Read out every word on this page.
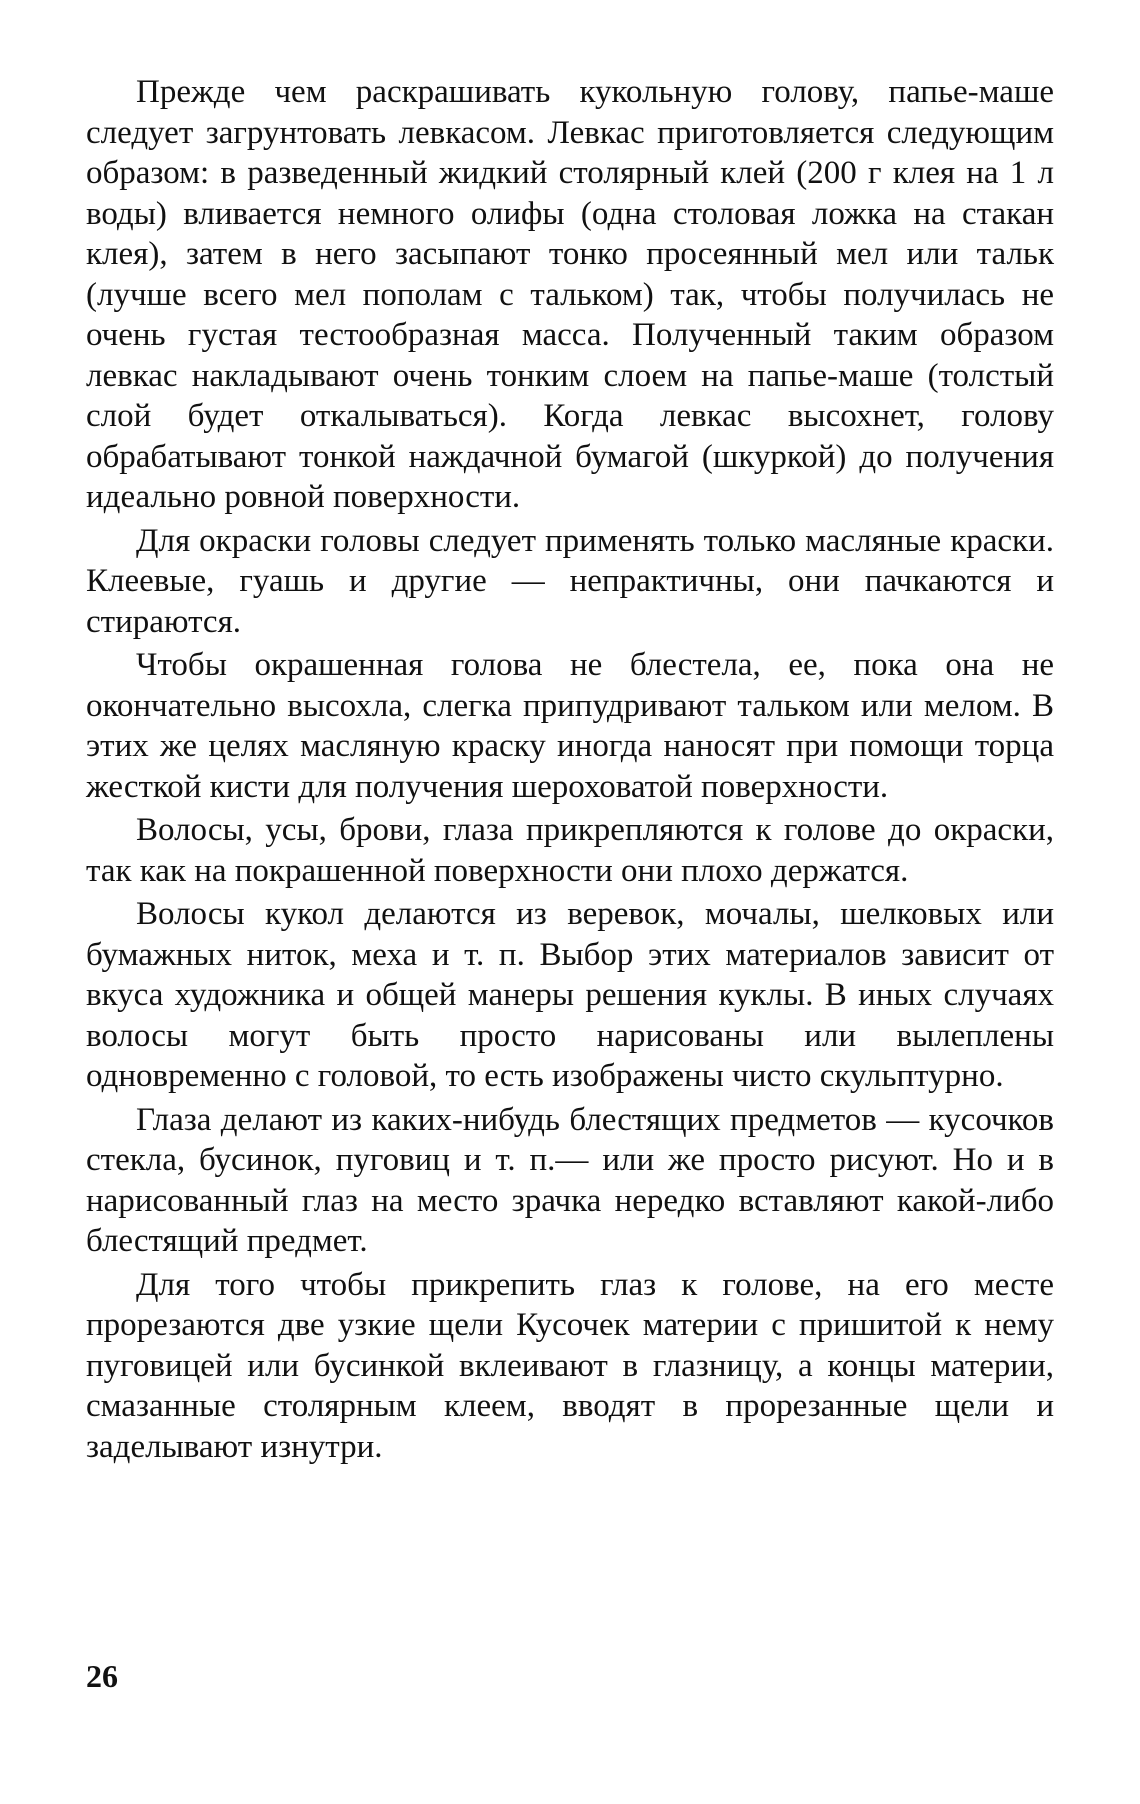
Прежде чем раскрашивать кукольную голову, папье-маше следует загрунтовать левкасом. Левкас приготовляется следующим образом: в разведенный жидкий столярный клей (200 г клея на 1 л воды) вливается немного олифы (одна столовая ложка на стакан клея), затем в него засыпают тонко просеянный мел или тальк (лучше всего мел пополам с тальком) так, чтобы получилась не очень густая тестообразная масса. Полученный таким образом левкас накладывают очень тонким слоем на папье-маше (толстый слой будет откалываться). Когда левкас высохнет, голову обрабатывают тонкой наждачной бумагой (шкуркой) до получения идеально ровной поверхности.

Для окраски головы следует применять только масляные краски. Клеевые, гуашь и другие — непрактичны, они пачкаются и стираются.

Чтобы окрашенная голова не блестела, ее, пока она не окончательно высохла, слегка припудривают тальком или мелом. В этих же целях масляную краску иногда наносят при помощи торца жесткой кисти для получения шероховатой поверхности.

Волосы, усы, брови, глаза прикрепляются к голове до окраски, так как на покрашенной поверхности они плохо держатся.

Волосы кукол делаются из веревок, мочалы, шелковых или бумажных ниток, меха и т. п. Выбор этих материалов зависит от вкуса художника и общей манеры решения куклы. В иных случаях волосы могут быть просто нарисованы или вылеплены одновременно с головой, то есть изображены чисто скульптурно.

Глаза делают из каких-нибудь блестящих предметов — кусочков стекла, бусинок, пуговиц и т. п.— или же просто рисуют. Но и в нарисованный глаз на место зрачка нередко вставляют какой-либо блестящий предмет.

Для того чтобы прикрепить глаз к голове, на его месте прорезаются две узкие щели Кусочек материи с пришитой к нему пуговицей или бусинкой вклеивают в глазницу, а концы материи, смазанные столярным клеем, вводят в прорезанные щели и заделывают изнутри.

26
